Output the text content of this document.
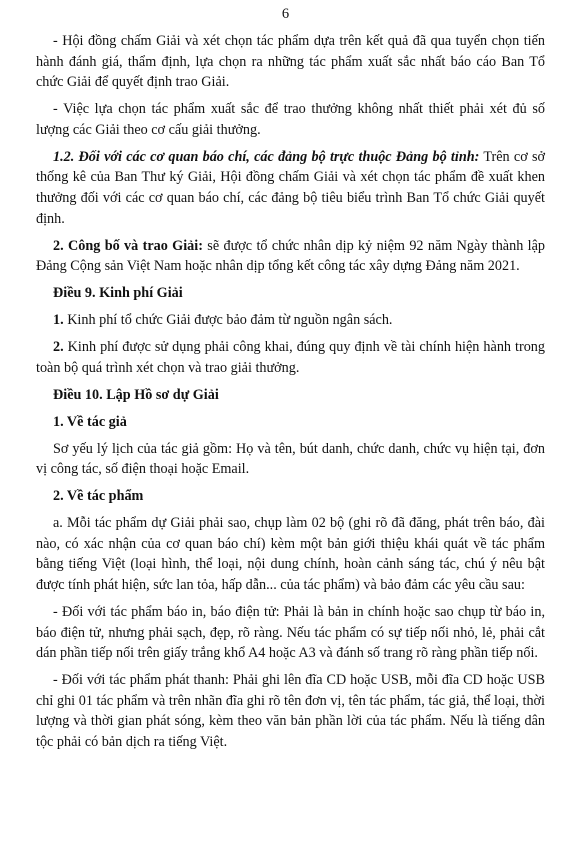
6

- Hội đồng chấm Giải và xét chọn tác phẩm dựa trên kết quả đã qua tuyển chọn tiến hành đánh giá, thẩm định, lựa chọn ra những tác phẩm xuất sắc nhất báo cáo Ban Tổ chức Giải để quyết định trao Giải.

- Việc lựa chọn tác phẩm xuất sắc để trao thưởng không nhất thiết phải xét đủ số lượng các Giải theo cơ cấu giải thưởng.

1.2. Đối với các cơ quan báo chí, các đảng bộ trực thuộc Đảng bộ tỉnh: Trên cơ sở thống kê của Ban Thư ký Giải, Hội đồng chấm Giải và xét chọn tác phẩm đề xuất khen thưởng đối với các cơ quan báo chí, các đảng bộ tiêu biểu trình Ban Tổ chức Giải quyết định.

2. Công bố và trao Giải: sẽ được tổ chức nhân dịp kỷ niệm 92 năm Ngày thành lập Đảng Cộng sản Việt Nam hoặc nhân dịp tổng kết công tác xây dựng Đảng năm 2021.

Điều 9. Kinh phí Giải

1. Kinh phí tổ chức Giải được bảo đảm từ nguồn ngân sách.

2. Kinh phí được sử dụng phải công khai, đúng quy định về tài chính hiện hành trong toàn bộ quá trình xét chọn và trao giải thưởng.

Điều 10. Lập Hồ sơ dự Giải

1. Về tác giả

Sơ yếu lý lịch của tác giả gồm: Họ và tên, bút danh, chức danh, chức vụ hiện tại, đơn vị công tác, số điện thoại hoặc Email.

2. Về tác phẩm

a. Mỗi tác phẩm dự Giải phải sao, chụp làm 02 bộ (ghi rõ đã đăng, phát trên báo, đài nào, có xác nhận của cơ quan báo chí) kèm một bản giới thiệu khái quát về tác phẩm bằng tiếng Việt (loại hình, thể loại, nội dung chính, hoàn cảnh sáng tác, chú ý nêu bật được tính phát hiện, sức lan tỏa, hấp dẫn... của tác phẩm) và bảo đảm các yêu cầu sau:

- Đối với tác phẩm báo in, báo điện tử: Phải là bản in chính hoặc sao chụp từ báo in, báo điện tử, nhưng phải sạch, đẹp, rõ ràng. Nếu tác phẩm có sự tiếp nối nhỏ, lẻ, phải cắt dán phần tiếp nối trên giấy trắng khổ A4 hoặc A3 và đánh số trang rõ ràng phần tiếp nối.

- Đối với tác phẩm phát thanh: Phải ghi lên đĩa CD hoặc USB, mỗi đĩa CD hoặc USB chỉ ghi 01 tác phẩm và trên nhãn đĩa ghi rõ tên đơn vị, tên tác phẩm, tác giả, thể loại, thời lượng và thời gian phát sóng, kèm theo văn bản phần lời của tác phẩm. Nếu là tiếng dân tộc phải có bản dịch ra tiếng Việt.
